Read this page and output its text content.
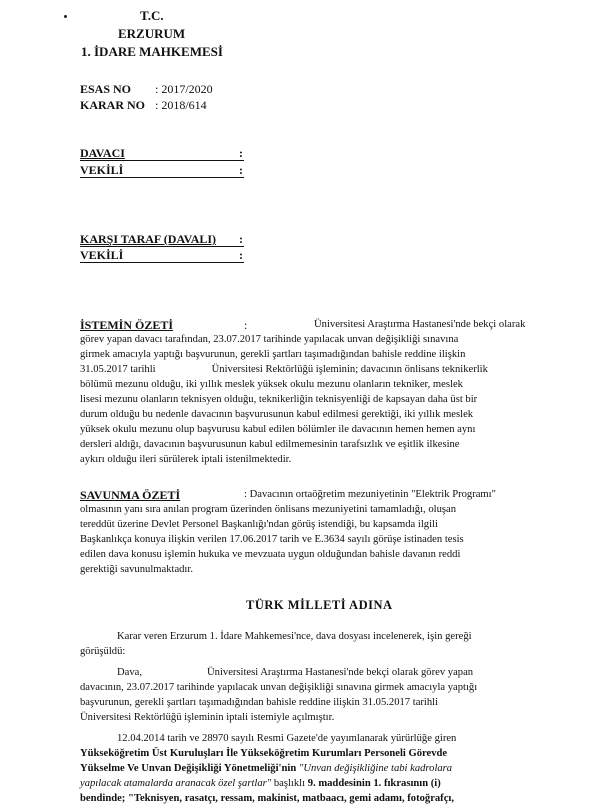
T.C.
ERZURUM
1. İDARE MAHKEMESİ
ESAS NO : 2017/2020
KARAR NO : 2018/614
DAVACI	:
VEKİLİ	:
KARŞI TARAF (DAVALI) :
VEKİLİ	:
İSTEMİN ÖZETİ	:	Üniversitesi Araştırma Hastanesi'nde bekçi olarak
görev yapan davacı tarafından, 23.07.2017 tarihinde yapılacak unvan değişikliği sınavına
girmek amacıyla yaptığı başvurunun, gerekli şartları taşımadığından bahisle reddine ilişkin
31.05.2017 tarihli	Üniversitesi Rektörlüğü işleminin; davacının önlisans teknikerlik
bölümü mezunu olduğu, iki yıllık meslek yüksek okulu mezunu olanların tekniker, meslek
lisesi mezunu olanların teknisyen olduğu, teknikerliğin teknisyenliği de kapsayan daha üst bir
durum olduğu bu nedenle davacının başvurusunun kabul edilmesi gerektiği, iki yıllık meslek
yüksek okulu mezunu olup başvurusu kabul edilen bölümler ile davacının hemen hemen aynı
dersleri aldığı, davacının başvurusunun kabul edilmemesinin tarafsızlık ve eşitlik ilkesine
aykırı olduğu ileri sürülerek iptali istenilmektedir.
SAVUNMA ÖZETİ	: Davacının ortaöğretim mezuniyetinin "Elektrik Programı"
olmasının yanı sıra anılan program üzerinden önlisans mezuniyetini tamamladığı, oluşan
tereddüt üzerine Devlet Personel Başkanlığı'ndan görüş istendiği, bu kapsamda ilgili
Başkanlıkça konuya ilişkin verilen 17.06.2017 tarih ve E.3634 sayılı görüşe istinaden tesis
edilen dava konusu işlemin hukuka ve mevzuata uygun olduğundan bahisle davanın reddi
gerektiği savunulmaktadır.
TÜRK MİLLETİ ADINA
Karar veren Erzurum 1. İdare Mahkemesi'nce, dava dosyası incelenerek, işin gereği
görüşüldü:
Dava,	Üniversitesi Araştırma Hastanesi'nde bekçi olarak görev yapan
davacının, 23.07.2017 tarihinde yapılacak unvan değişikliği sınavına girmek amacıyla yaptığı
başvurunun, gerekli şartları taşımadığından bahisle reddine ilişkin 31.05.2017 tarihli
Üniversitesi Rektörlüğü işleminin iptali istemiyle açılmıştır.
12.04.2014 tarih ve 28970 sayılı Resmi Gazete'de yayımlanarak yürürlüğe giren
Yükseköğretim Üst Kuruluşları İle Yükseköğretim Kurumları Personeli Görevde
Yükselme Ve Unvan Değişikliği Yönetmeliği'nin "Unvan değişikliğine tabi kadrolara
yapılacak atamalarda aranacak özel şartlar" başlıklı 9. maddesinin 1. fıkrasının (i)
bendinde; "Teknisyen, rasatçı, ressam, makinist, matbaacı, gemi adamı, fotoğrafçı,
